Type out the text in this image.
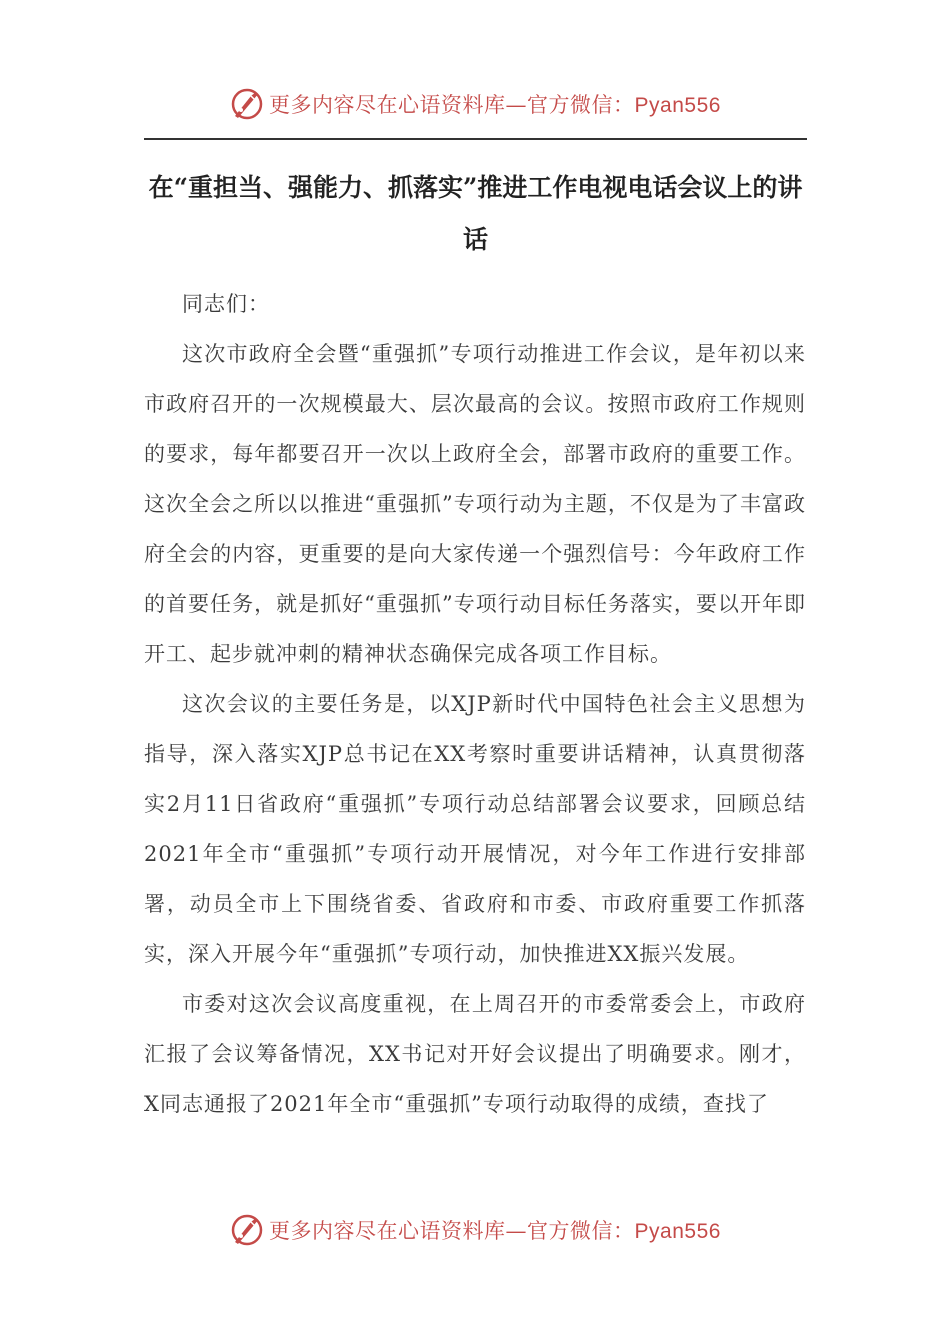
更多内容尽在心语资料库—官方微信：Pyan556
在“重担当、强能力、抓落实”推进工作电视电话会议上的讲话

同志们：

这次市政府全会暨“重强抓”专项行动推进工作会议，是年初以来市政府召开的一次规模最大、层次最高的会议。按照市政府工作规则的要求，每年都要召开一次以上政府全会，部署市政府的重要工作。这次全会之所以以推进“重强抓”专项行动为主题，不仅是为了丰富政府全会的内容，更重要的是向大家传递一个强烈信号：今年政府工作的首要任务，就是抓好“重强抓”专项行动目标任务落实，要以开年即开工、起步就冲刺的精神状态确保完成各项工作目标。

这次会议的主要任务是，以XJP新时代中国特色社会主义思想为指导，深入落实XJP总书记在XX考察时重要讲话精神，认真贯彻落实2月11日省政府“重强抓”专项行动总结部署会议要求，回顾总结2021年全市“重强抓”专项行动开展情况，对今年工作进行安排部署，动员全市上下围绕省委、省政府和市委、市政府重要工作抓落实，深入开展今年“重强抓”专项行动，加快推进XX振兴发展。

市委对这次会议高度重视，在上周召开的市委常委会上，市政府汇报了会议筹备情况，XX书记对开好会议提出了明确要求。刚才，X同志通报了2021年全市“重强抓”专项行动取得的成绩，查找了

更多内容尽在心语资料库—官方微信：Pyan556
